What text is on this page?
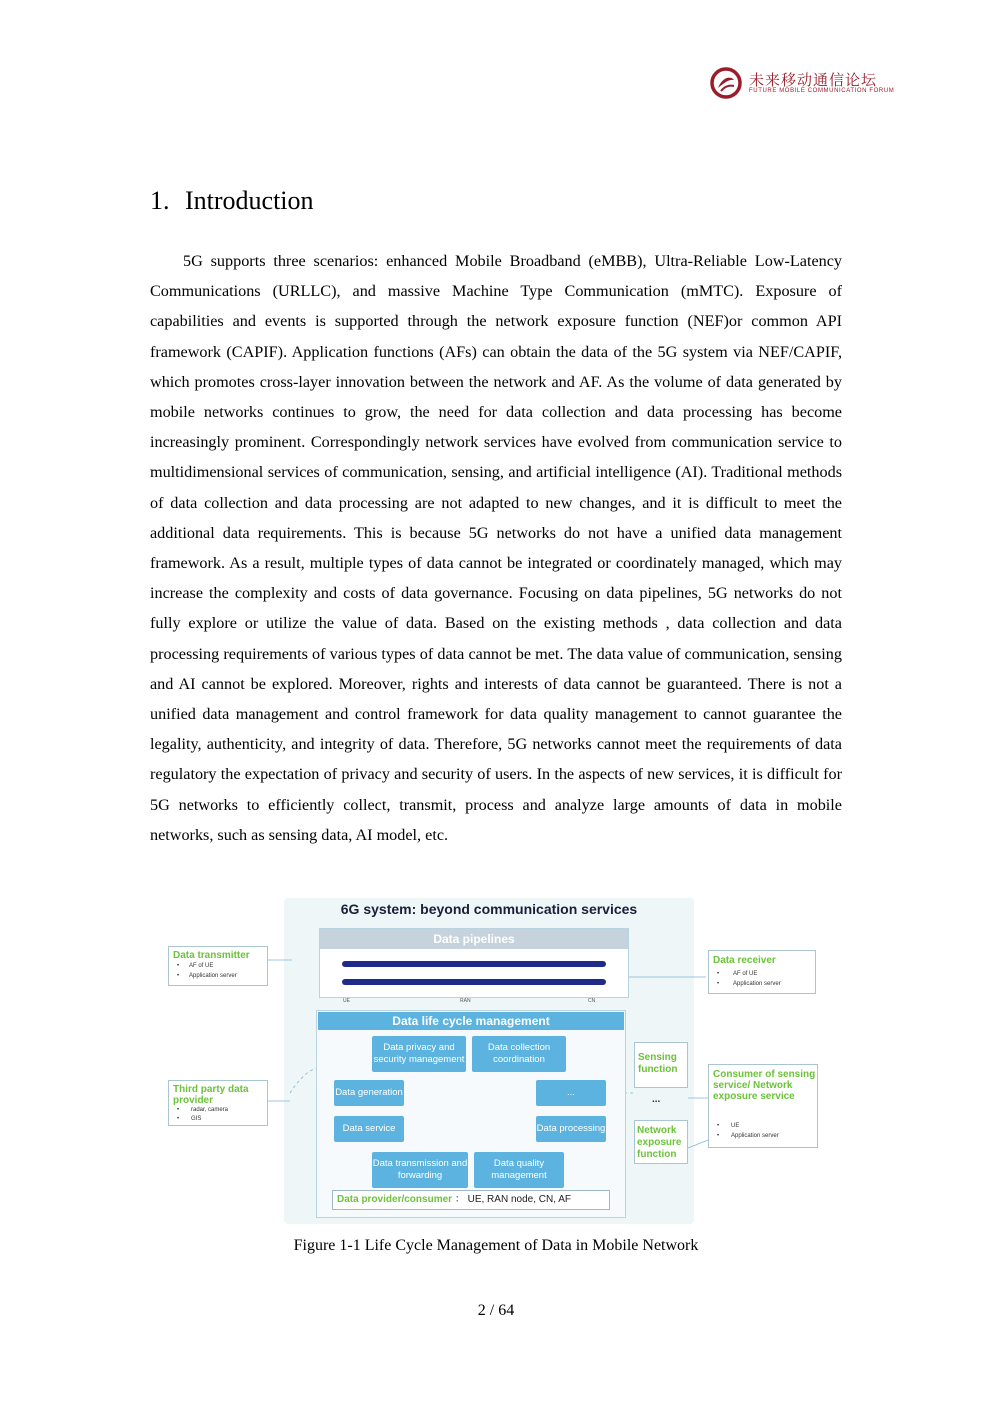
未来移动通信论坛
FUTURE MOBILE COMMUNICATION FORUM
1. Introduction

5G supports three scenarios: enhanced Mobile Broadband (eMBB), Ultra-Reliable Low-Latency Communications (URLLC), and massive Machine Type Communication (mMTC). Exposure of capabilities and events is supported through the network exposure function (NEF)or common API framework (CAPIF). Application functions (AFs) can obtain the data of the 5G system via NEF/CAPIF, which promotes cross-layer innovation between the network and AF. As the volume of data generated by mobile networks continues to grow, the need for data collection and data processing has become increasingly prominent. Correspondingly network services have evolved from communication service to multidimensional services of communication, sensing, and artificial intelligence (AI). Traditional methods of data collection and data processing are not adapted to new changes, and it is difficult to meet the additional data requirements. This is because 5G networks do not have a unified data management framework. As a result, multiple types of data cannot be integrated or coordinately managed, which may increase the complexity and costs of data governance. Focusing on data pipelines, 5G networks do not fully explore or utilize the value of data. Based on the existing methods , data collection and data processing requirements of various types of data cannot be met. The data value of communication, sensing and AI cannot be explored. Moreover, rights and interests of data cannot be guaranteed. There is not a unified data management and control framework for data quality management to cannot guarantee the legality, authenticity, and integrity of data. Therefore, 5G networks cannot meet the requirements of data regulatory the expectation of privacy and security of users. In the aspects of new services, it is difficult for 5G networks to efficiently collect, transmit, process and analyze large amounts of data in mobile networks, such as sensing data, AI model, etc.

6G system: beyond communication services
Data pipelines
UE	RAN	CN
Data life cycle management
Data privacy and security management
Data collection coordination
Data generation	...
Data service	Data processing
Data transmission and forwarding
Data quality management
Data provider/consumer ： UE, RAN node, CN, AF
Data transmitter
• AF of UE
• Application server
Data receiver
• AF of UE
• Application server
Third party data provider
• radar, camera
• GIS
Sensing function
...
Network exposure function
Consumer of sensing service/ Network exposure service
• UE
• Application server
Figure 1-1 Life Cycle Management of Data in Mobile Network
2 / 64
